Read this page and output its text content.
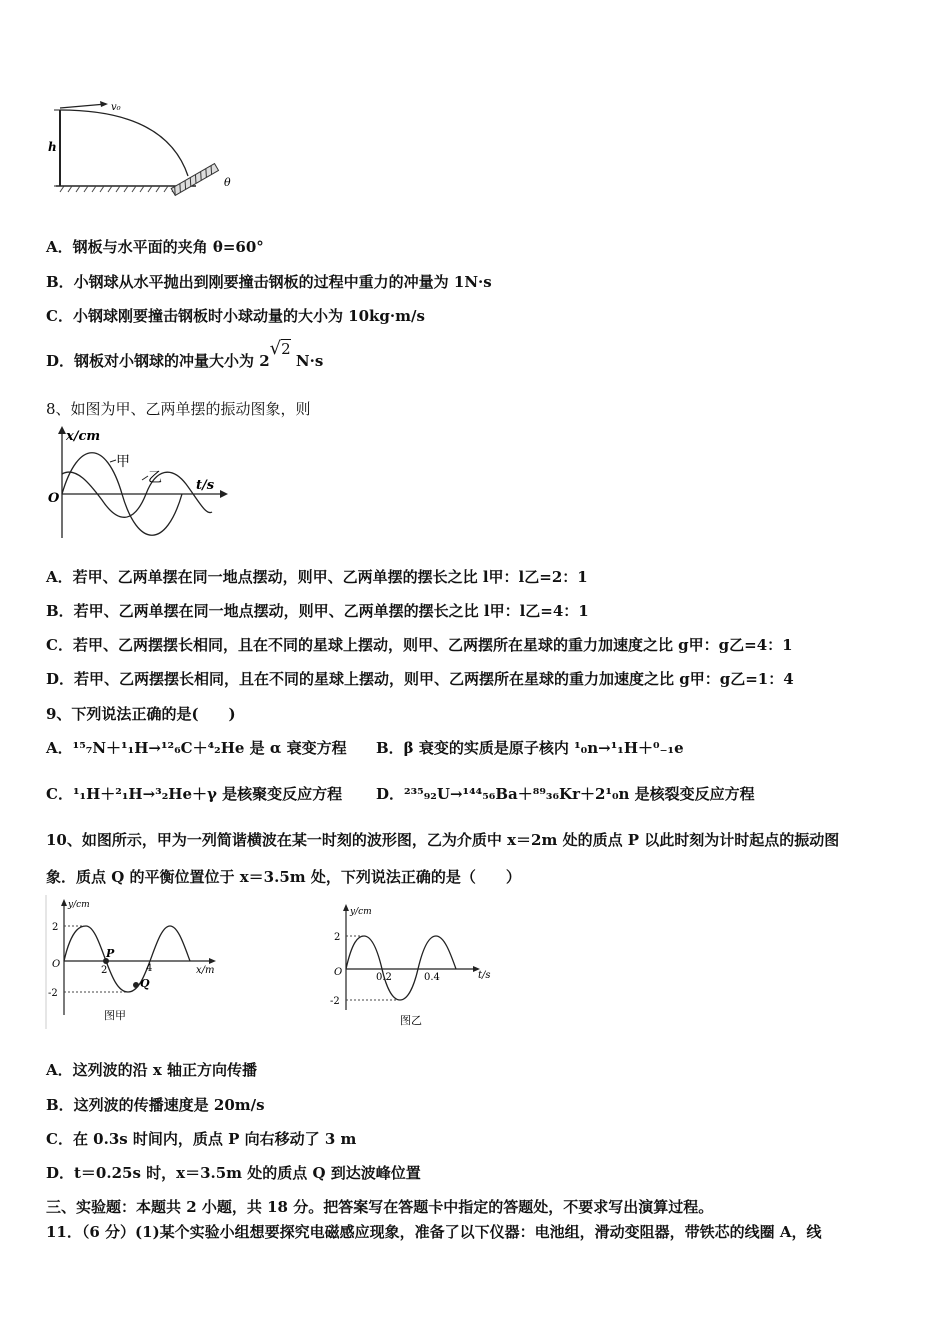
v₀
h
θ
A．钢板与水平面的夹角 θ=60°
B．小钢球从水平抛出到刚要撞击钢板的过程中重力的冲量为 1N·s
C．小钢球刚要撞击钢板时小球动量的大小为 10kg·m/s
D．钢板对小钢球的冲量大小为 2√2 N·s
8、如图为甲、乙两单摆的振动图象，则
x/cm
t/s
O
甲
乙
A．若甲、乙两单摆在同一地点摆动，则甲、乙两单摆的摆长之比 l甲：l乙=2：1
B．若甲、乙两单摆在同一地点摆动，则甲、乙两单摆的摆长之比 l甲：l乙=4：1
C．若甲、乙两摆摆长相同，且在不同的星球上摆动，则甲、乙两摆所在星球的重力加速度之比 g甲：g乙=4：1
D．若甲、乙两摆摆长相同，且在不同的星球上摆动，则甲、乙两摆所在星球的重力加速度之比 g甲：g乙=1：4
9、下列说法正确的是(　　)
A．¹⁵₇N＋¹₁H→¹²₆C＋⁴₂He 是 α 衰变方程 B．β 衰变的实质是原子核内 ¹₀n→¹₁H＋⁰₋₁e
C．¹₁H＋²₁H→³₂He＋γ 是核聚变反应方程 D．²³⁵₉₂U→¹⁴⁴₅₆Ba＋⁸⁹₃₆Kr＋2¹₀n 是核裂变反应方程
10、如图所示，甲为一列简谐横波在某一时刻的波形图，乙为介质中 x＝2m 处的质点 P 以此时刻为计时起点的振动图
象．质点 Q 的平衡位置位于 x＝3.5m 处，下列说法正确的是（　　）
y/cm
2
-2
O
2	4	x/m
P
Q
图甲
y/cm
2
-2
O	0.2	0.4	t/s
图乙
A．这列波的沿 x 轴正方向传播
B．这列波的传播速度是 20m/s
C．在 0.3s 时间内，质点 P 向右移动了 3 m
D．t＝0.25s 时，x＝3.5m 处的质点 Q 到达波峰位置
三、实验题：本题共 2 小题，共 18 分。把答案写在答题卡中指定的答题处，不要求写出演算过程。
11．（6 分）(1)某个实验小组想要探究电磁感应现象，准备了以下仪器：电池组，滑动变阻器，带铁芯的线圈 A，线
